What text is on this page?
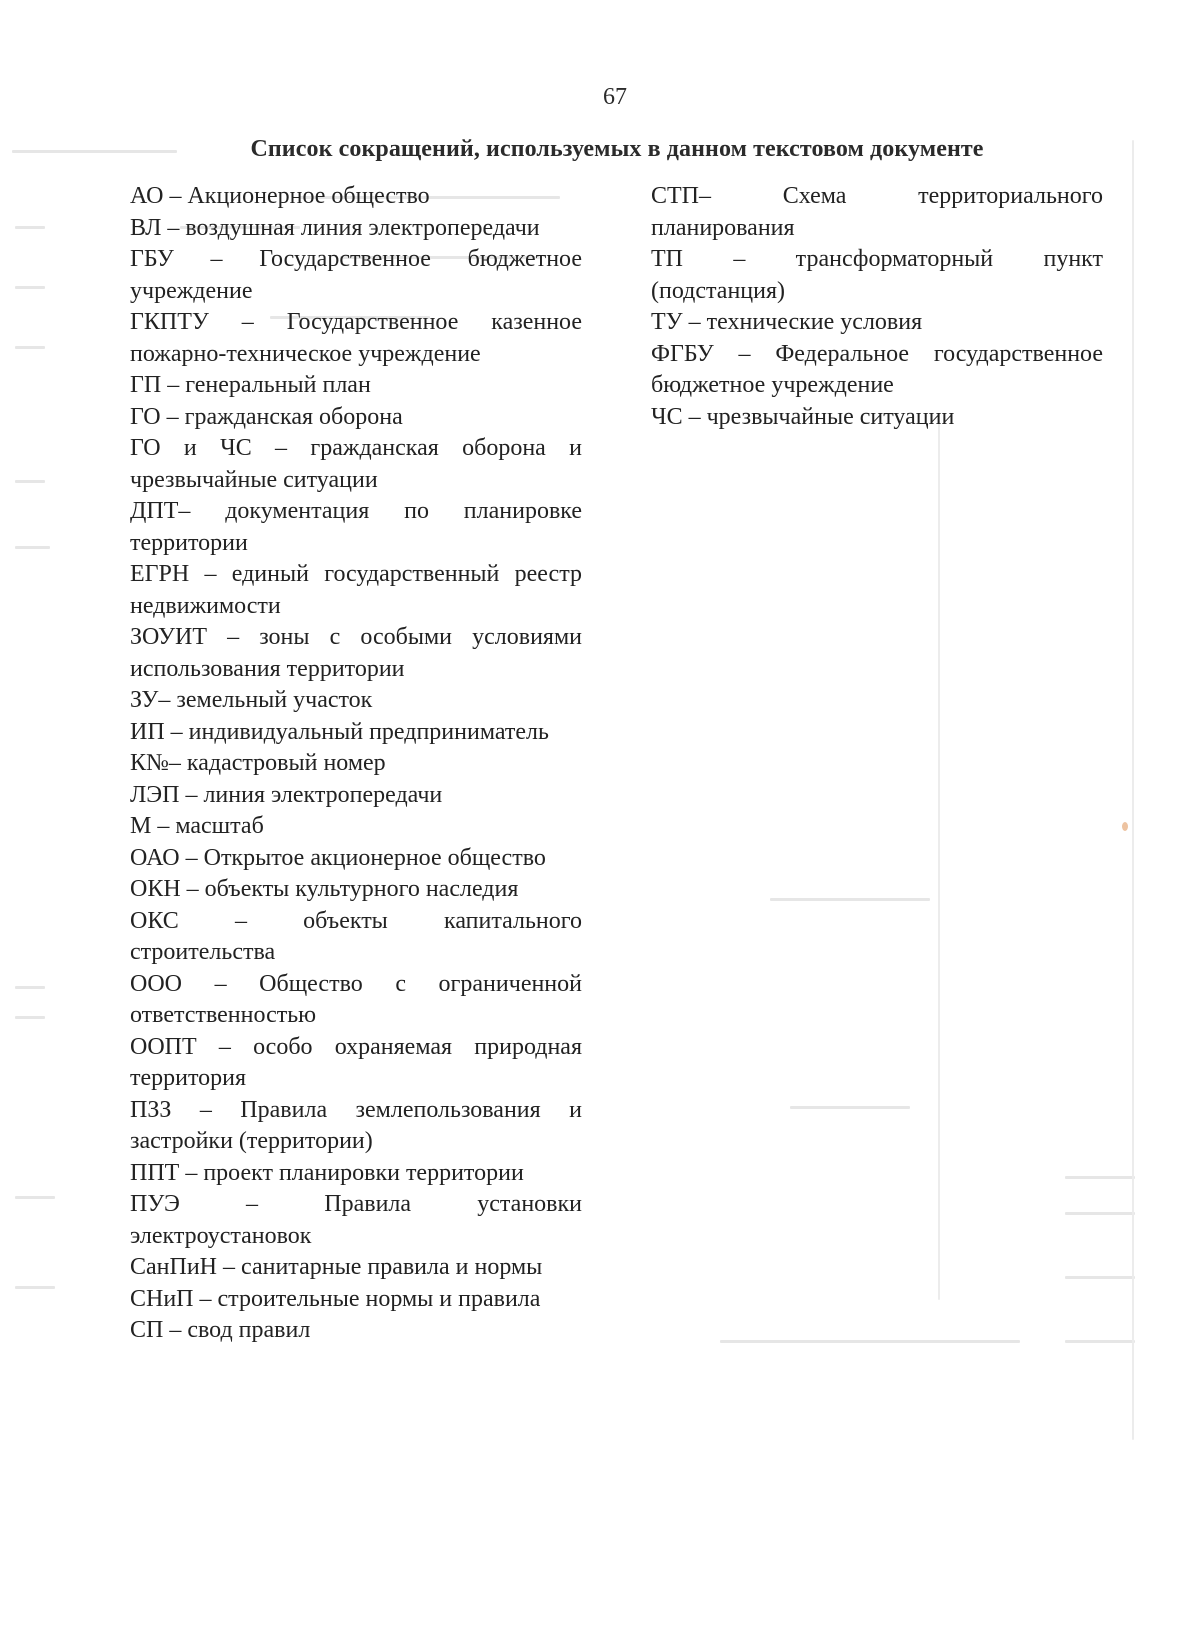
67
Список сокращений, используемых в данном текстовом документе
АО – Акционерное общество
ВЛ – воздушная линия электропередачи
ГБУ – Государственное бюджетное учреждение
ГКПТУ – Государственное казенное пожарно-техническое учреждение
ГП – генеральный план
ГО – гражданская оборона
ГО и ЧС – гражданская оборона и чрезвычайные ситуации
ДПТ– документация по планировке территории
ЕГРН – единый государственный реестр недвижимости
ЗОУИТ – зоны с особыми условиями использования территории
ЗУ– земельный участок
ИП – индивидуальный предприниматель
К№– кадастровый номер
ЛЭП – линия электропередачи
М – масштаб
ОАО – Открытое акционерное общество
ОКН – объекты культурного наследия
ОКС – объекты капитального строительства
ООО – Общество с ограниченной ответственностью
ООПТ – особо охраняемая природная территория
ПЗЗ – Правила землепользования и застройки (территории)
ППТ – проект планировки территории
ПУЭ – Правила установки электроустановок
СанПиН – санитарные правила и нормы
СНиП – строительные нормы и правила
СП – свод правил
СТП– Схема территориального планирования
ТП – трансформаторный пункт (подстанция)
ТУ – технические условия
ФГБУ – Федеральное государственное бюджетное учреждение
ЧС – чрезвычайные ситуации
